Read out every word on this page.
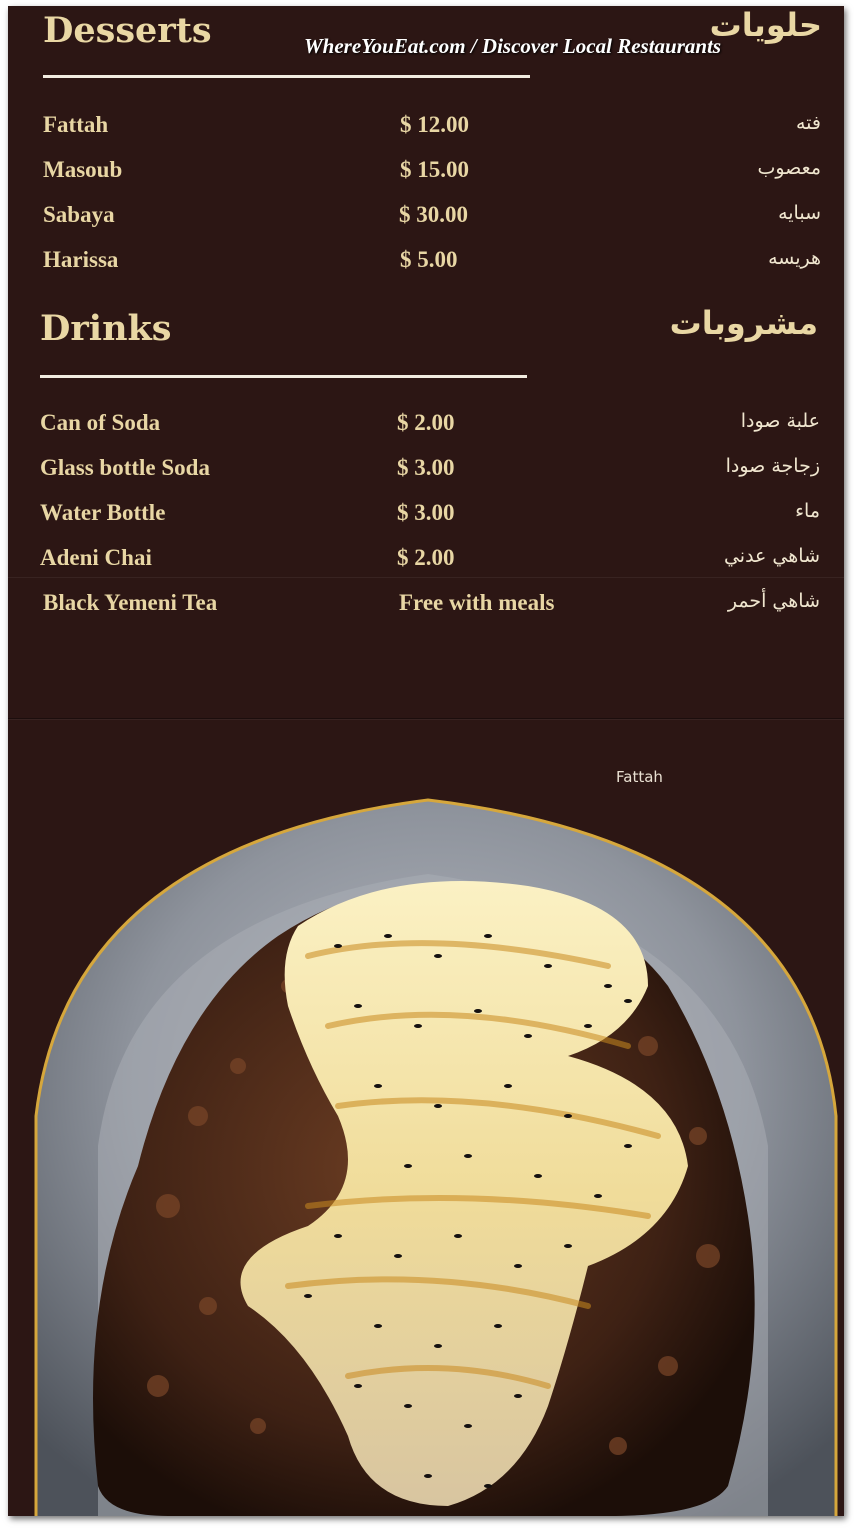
WhereYouEat.com / Discover Local Restaurants
Desserts	حلويات
Fattah	$ 12.00	فته
Masoub	$ 15.00	معصوب
Sabaya	$ 30.00	سبايه
Harissa	$ 5.00	هريسه
Drinks	مشروبات
Can of Soda	$ 2.00	علبة صودا
Glass bottle Soda	$ 3.00	زجاجة صودا
Water Bottle	$ 3.00	ماء
Adeni Chai	$ 2.00	شاهي عدني
Black Yemeni Tea	Free with meals	شاهي أحمر
Fattah
